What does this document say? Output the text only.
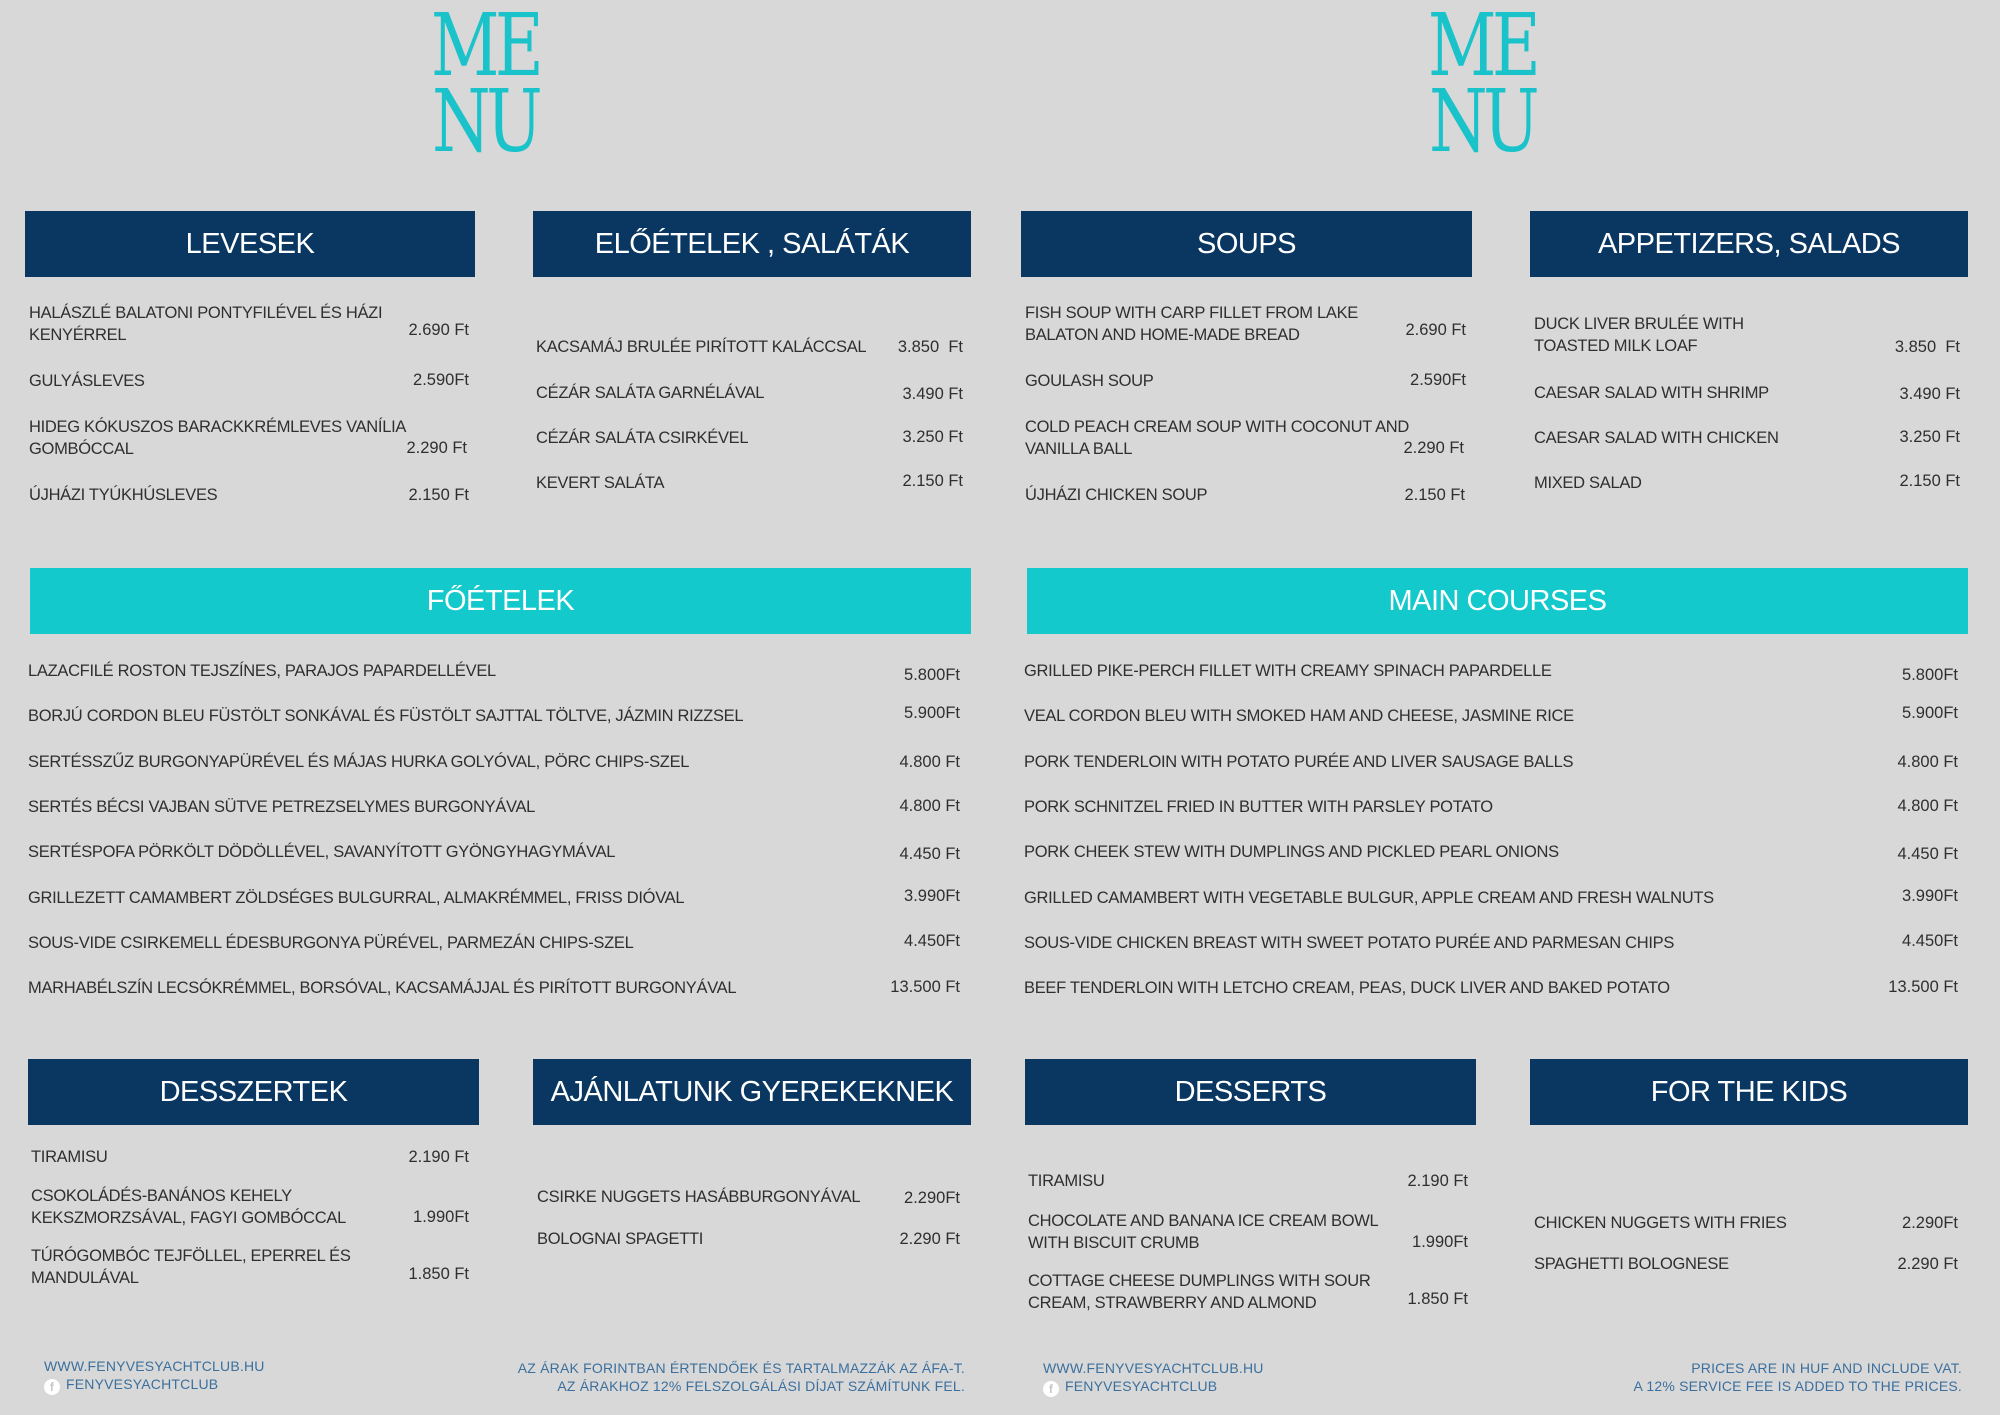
ME
NU
ME
NU
LEVESEK
HALÁSZLÉ BALATONI PONTYFILÉVEL ÉS HÁZI KENYÉRREL	2.690 Ft
GULYÁSLEVES	2.590Ft
HIDEG KÓKUSZOS BARACKKRÉMLEVES VANÍLIA GOMBÓCCAL	2.290 Ft
ÚJHÁZI TYÚKHÚSLEVES	2.150 Ft
ELŐÉTELEK , SALÁTÁK
KACSAMÁJ BRULÉE PIRÍTOTT KALÁCCSAL	3.850  Ft
CÉZÁR SALÁTA GARNÉLÁVAL	3.490 Ft
CÉZÁR SALÁTA CSIRKÉVEL	3.250 Ft
KEVERT SALÁTA	2.150 Ft
FŐÉTELEK
LAZACFILÉ ROSTON TEJSZÍNES, PARAJOS PAPARDELLÉVEL	5.800Ft
BORJÚ CORDON BLEU FÜSTÖLT SONKÁVAL ÉS FÜSTÖLT SAJTTAL TÖLTVE, JÁZMIN RIZZSEL	5.900Ft
SERTÉSSZŰZ BURGONYAPÜRÉVEL ÉS MÁJAS HURKA GOLYÓVAL, PÖRC CHIPS-SZEL	4.800 Ft
SERTÉS BÉCSI VAJBAN SÜTVE PETREZSELYMES BURGONYÁVAL	4.800 Ft
SERTÉSPOFA PÖRKÖLT DÖDÖLLÉVEL, SAVANYÍTOTT GYÖNGYHAGYMÁVAL	4.450 Ft
GRILLEZETT CAMAMBERT ZÖLDSÉGES BULGURRAL, ALMAKRÉMMEL, FRISS DIÓVAL	3.990Ft
SOUS-VIDE CSIRKEMELL ÉDESBURGONYA PÜRÉVEL, PARMEZÁN CHIPS-SZEL	4.450Ft
MARHABÉLSZÍN LECSÓKRÉMMEL, BORSÓVAL, KACSAMÁJJAL ÉS PIRÍTOTT BURGONYÁVAL	13.500 Ft
DESSZERTEK
TIRAMISU	2.190 Ft
CSOKOLÁDÉS-BANÁNOS KEHELY KEKSZMORZSÁVAL, FAGYI GOMBÓCCAL	1.990Ft
TÚRÓGOMBÓC TEJFÖLLEL, EPERREL ÉS MANDULÁVAL	1.850 Ft
AJÁNLATUNK GYEREKEKNEK
CSIRKE NUGGETS HASÁBBURGONYÁVAL	2.290Ft
BOLOGNAI SPAGETTI	2.290 Ft
WWW.FENYVESYACHTCLUB.HU
f FENYVESYACHTCLUB
AZ ÁRAK FORINTBAN ÉRTENDŐEK ÉS TARTALMAZZÁK AZ ÁFA-T.
AZ ÁRAKHOZ 12% FELSZOLGÁLÁSI DÍJAT SZÁMÍTUNK FEL.
SOUPS
FISH SOUP WITH CARP FILLET FROM LAKE BALATON AND HOME-MADE BREAD	2.690 Ft
GOULASH SOUP	2.590Ft
COLD PEACH CREAM SOUP WITH COCONUT AND VANILLA BALL	2.290 Ft
ÚJHÁZI CHICKEN SOUP	2.150 Ft
APPETIZERS, SALADS
DUCK LIVER BRULÉE WITH TOASTED MILK LOAF	3.850  Ft
CAESAR SALAD WITH SHRIMP	3.490 Ft
CAESAR SALAD WITH CHICKEN	3.250 Ft
MIXED SALAD	2.150 Ft
MAIN COURSES
GRILLED PIKE-PERCH FILLET WITH CREAMY SPINACH PAPARDELLE	5.800Ft
VEAL CORDON BLEU WITH SMOKED HAM AND CHEESE, JASMINE RICE	5.900Ft
PORK TENDERLOIN WITH POTATO PURÉE AND LIVER SAUSAGE BALLS	4.800 Ft
PORK SCHNITZEL FRIED IN BUTTER WITH PARSLEY POTATO	4.800 Ft
PORK CHEEK STEW WITH DUMPLINGS AND PICKLED PEARL ONIONS	4.450 Ft
GRILLED CAMAMBERT WITH VEGETABLE BULGUR, APPLE CREAM AND FRESH WALNUTS	3.990Ft
SOUS-VIDE CHICKEN BREAST WITH SWEET POTATO PURÉE AND PARMESAN CHIPS	4.450Ft
BEEF TENDERLOIN WITH LETCHO CREAM, PEAS, DUCK LIVER AND BAKED POTATO	13.500 Ft
DESSERTS
TIRAMISU	2.190 Ft
CHOCOLATE AND BANANA ICE CREAM BOWL WITH BISCUIT CRUMB	1.990Ft
COTTAGE CHEESE DUMPLINGS WITH SOUR CREAM, STRAWBERRY AND ALMOND	1.850 Ft
FOR THE KIDS
CHICKEN NUGGETS WITH FRIES	2.290Ft
SPAGHETTI BOLOGNESE	2.290 Ft
WWW.FENYVESYACHTCLUB.HU
f FENYVESYACHTCLUB
PRICES ARE IN HUF AND INCLUDE VAT.
A 12% SERVICE FEE IS ADDED TO THE PRICES.
